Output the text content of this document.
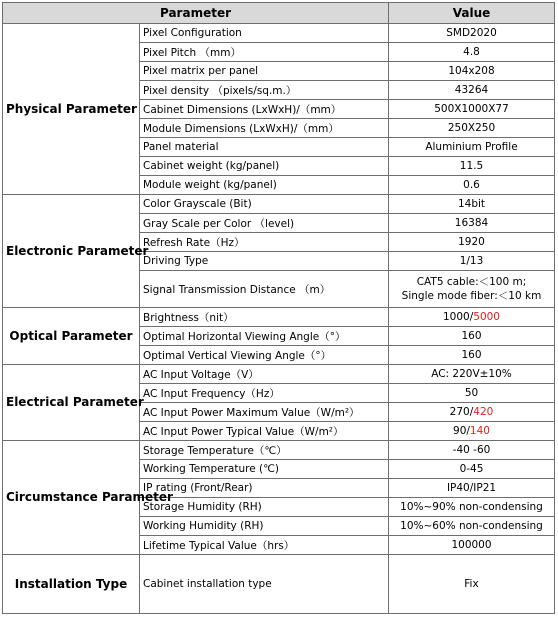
Parameter		Value
Physical Parameter	Pixel Configuration	SMD2020
	Pixel Pitch （mm）	4.8
	Pixel matrix per panel	104x208
	Pixel density （pixels/sq.m.）	43264
	Cabinet Dimensions (LxWxH)/（mm）	500X1000X77
	Module Dimensions (LxWxH)/（mm）	250X250
	Panel material	Aluminium Profile
	Cabinet weight (kg/panel)	11.5
	Module weight (kg/panel)	0.6
Electronic Parameter	Color Grayscale (Bit)	14bit
	Gray Scale per Color （level)	16384
	Refresh Rate（Hz）	1920
	Driving Type	1/13
	Signal Transmission Distance （m）	CAT5 cable:＜100 m;
Single mode fiber:＜10 km
Optical Parameter	Brightness（nit）	1000/5000
	Optimal Horizontal Viewing Angle（°）	160
	Optimal Vertical Viewing Angle（°）	160
Electrical Parameter	AC Input Voltage（V）	AC: 220V±10%
	AC Input Frequency（Hz）	50
	AC Input Power Maximum Value（W/m²）	270/420
	AC Input Power Typical Value（W/m²）	90/140
Circumstance Parameter	Storage Temperature（℃）	-40 -60
	Working Temperature (℃)	0-45
	IP rating (Front/Rear)	IP40/IP21
	Storage Humidity (RH)	10%~90% non-condensing
	Working Humidity (RH)	10%~60% non-condensing
	Lifetime Typical Value（hrs）	100000
Installation Type	Cabinet installation type	Fix
